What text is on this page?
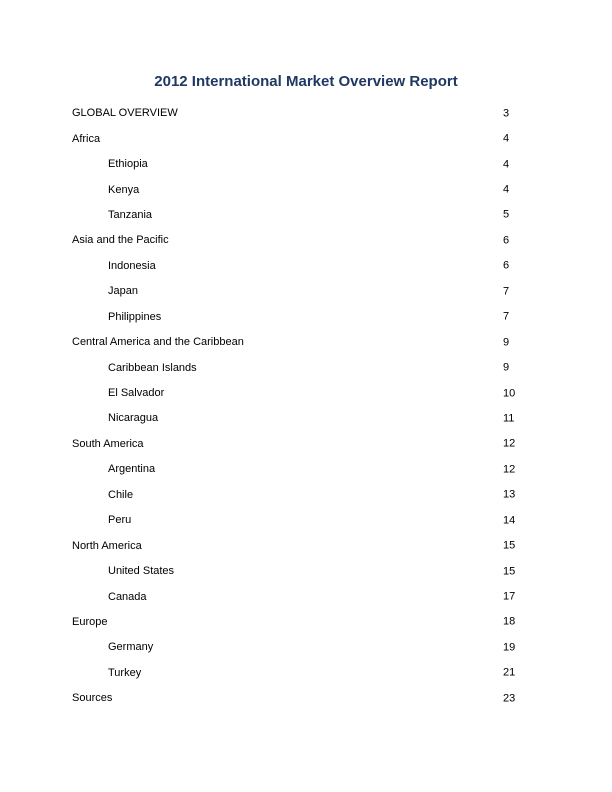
2012 International Market Overview Report
GLOBAL OVERVIEW	3
Africa	4
Ethiopia	4
Kenya	4
Tanzania	5
Asia and the Pacific	6
Indonesia	6
Japan	7
Philippines	7
Central America and the Caribbean	9
Caribbean Islands	9
El Salvador	10
Nicaragua	11
South America	12
Argentina	12
Chile	13
Peru	14
North America	15
United States	15
Canada	17
Europe	18
Germany	19
Turkey	21
Sources	23
